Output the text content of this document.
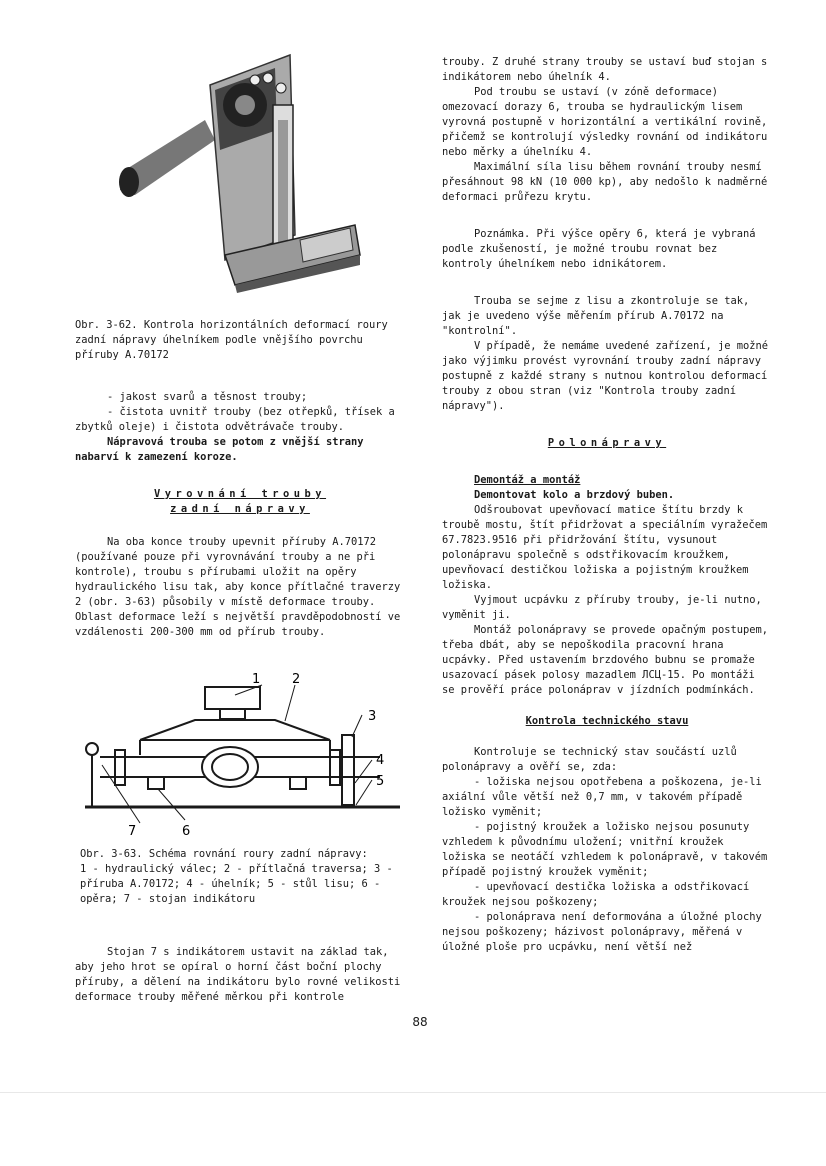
Obr. 3-62. Kontrola horizontálních deformací roury zadní nápravy úhelníkem podle vnějšího povrchu příruby A.70172

- jakost svarů a těsnost trouby;

- čistota uvnitř trouby (bez otřepků, třísek a zbytků oleje) i čistota odvětrávače trouby.

Nápravová trouba se potom z vnější strany nabarví k zamezení koroze.

Vyrovnání trouby

zadní nápravy

Na oba konce trouby upevnit příruby A.70172 (používané pouze při vyrovnávání trouby a ne při kontrole), troubu s přírubami uložit na opěry hydraulického lisu tak, aby konce přítlačné traverzy 2 (obr. 3-63) působily v místě deformace trouby. Oblast deformace leží s největší pravděpodobností ve vzdálenosti 200-300 mm od přírub trouby.

1 2
3
4
5
6
7

Obr. 3-63. Schéma rovnání roury zadní nápravy:

1 - hydraulický válec; 2 - přítlačná traversa; 3 - příruba A.70172; 4 - úhelník; 5 - stůl lisu; 6 - opěra; 7 - stojan indikátoru

Stojan 7 s indikátorem ustavit na základ tak, aby jeho hrot se opíral o horní část boční plochy příruby, a dělení na indikátoru bylo rovné velikosti deformace trouby měřené měrkou při kontrole

trouby. Z druhé strany trouby se ustaví buď stojan s indikátorem nebo úhelník 4.

Pod troubu se ustaví (v zóně deformace) omezovací dorazy 6, trouba se hydraulickým lisem vyrovná postupně v horizontální a vertikální rovině, přičemž se kontrolují výsledky rovnání od indikátoru nebo měrky a úhelníku 4.

Maximální síla lisu během rovnání trouby nesmí přesáhnout 98 kN (10 000 kp), aby nedošlo k nadměrné deformaci průřezu krytu.

Poznámka. Při výšce opěry 6, která je vybraná podle zkušeností, je možné troubu rovnat bez kontroly úhelníkem nebo idnikátorem.

Trouba se sejme z lisu a zkontroluje se tak, jak je uvedeno výše měřením přírub A.70172 na "kontrolní".

V případě, že nemáme uvedené zařízení, je možné jako výjimku provést vyrovnání trouby zadní nápravy postupně z každé strany s nutnou kontrolou deformací trouby z obou stran (viz "Kontrola trouby zadní nápravy").

Polonápravy

Demontáž a montáž

Demontovat kolo a brzdový buben.

Odšroubovat upevňovací matice štítu brzdy k troubě mostu, štít přidržovat a speciálním vyražečem 67.7823.9516 při přidržování štítu, vysunout polonápravu společně s odstřikovacím kroužkem, upevňovací destičkou ložiska a pojistným kroužkem ložiska.

Vyjmout ucpávku z příruby trouby, je-li nutno, vyměnit ji.

Montáž polonápravy se provede opačným postupem, třeba dbát, aby se nepoškodila pracovní hrana ucpávky. Před ustavením brzdového bubnu se promaže usazovací pásek polosy mazadlem ЛСЦ-15. Po montáži se prověří práce polonáprav v jízdních podmínkách.

Kontrola technického stavu

Kontroluje se technický stav součástí uzlů polonápravy a ověří se, zda:

- ložiska nejsou opotřebena a poškozena, je-li axiální vůle větší než 0,7 mm, v takovém případě ložisko vyměnit;

- pojistný kroužek a ložisko nejsou posunuty vzhledem k původnímu uložení; vnitřní kroužek ložiska se neotáčí vzhledem k polonápravě, v takovém případě pojistný kroužek vyměnit;

- upevňovací destička ložiska a odstřikovací kroužek nejsou poškozeny;

- polonáprava není deformována a úložné plochy nejsou poškozeny; házivost polonápravy, měřená v úložné ploše pro ucpávku, není větší než

88
